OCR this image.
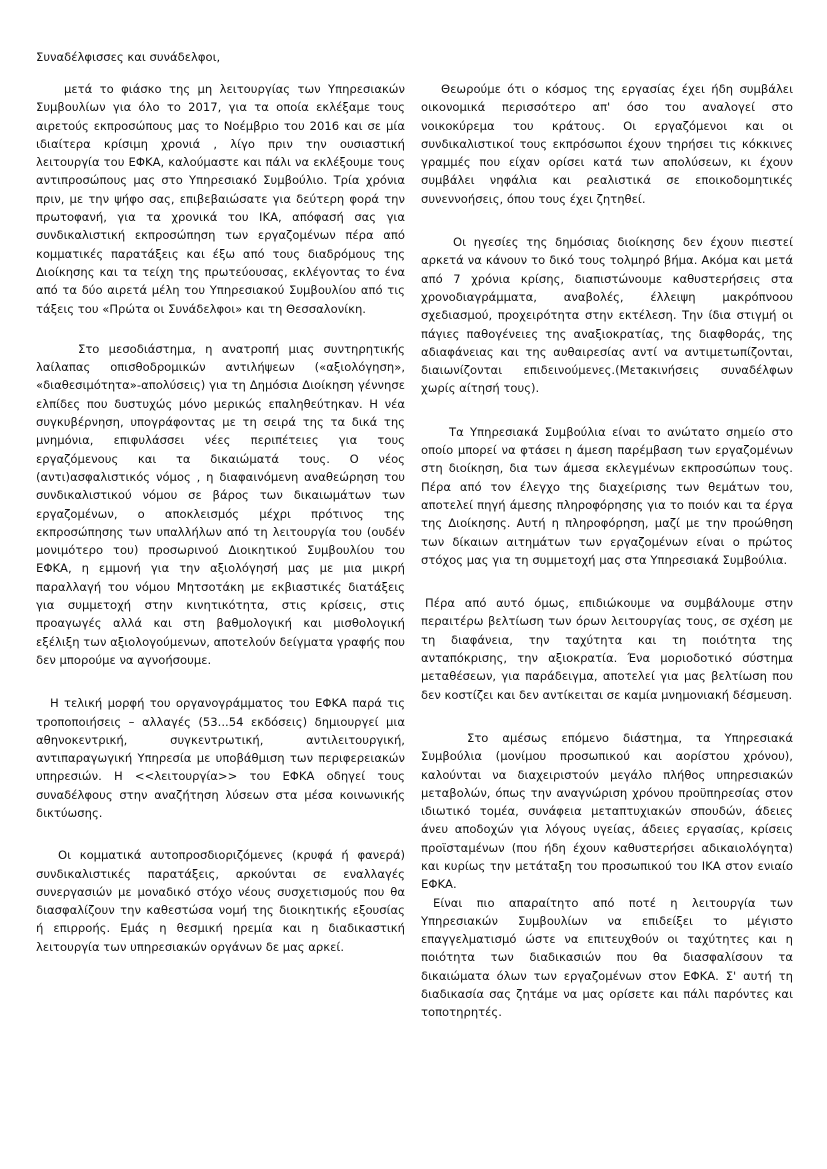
Συναδέλφισσες και συνάδελφοι,

μετά το φιάσκο της μη λειτουργίας των Υπηρεσιακών Συμβουλίων για όλο το 2017, για τα οποία εκλέξαμε τους αιρετούς εκπροσώπους μας το Νοέμβριο του 2016 και σε μία ιδιαίτερα κρίσιμη χρονιά , λίγο πριν την ουσιαστική λειτουργία του ΕΦΚΑ, καλούμαστε και πάλι να εκλέξουμε τους αντιπροσώπους μας στο Υπηρεσιακό Συμβούλιο. Τρία χρόνια πριν, με την ψήφο σας, επιβεβαιώσατε για δεύτερη φορά την πρωτοφανή, για τα χρονικά του ΙΚΑ, απόφασή σας για συνδικαλιστική εκπροσώπηση των εργαζομένων πέρα από κομματικές παρατάξεις και έξω από τους διαδρόμους της Διοίκησης και τα τείχη της πρωτεύουσας, εκλέγοντας το ένα από τα δύο αιρετά μέλη του Υπηρεσιακού Συμβουλίου από τις τάξεις του «Πρώτα οι Συνάδελφοι» και τη Θεσσαλονίκη.

Στο μεσοδιάστημα, η ανατροπή μιας συντηρητικής λαίλαπας οπισθοδρομικών αντιλήψεων («αξιολόγηση», «διαθεσιμότητα»-απολύσεις) για τη Δημόσια Διοίκηση γέννησε ελπίδες που δυστυχώς μόνο μερικώς επαληθεύτηκαν. Η νέα συγκυβέρνηση, υπογράφοντας με τη σειρά της τα δικά της μνημόνια, επιφυλάσσει νέες περιπέτειες για τους εργαζόμενους και τα δικαιώματά τους. Ο νέος (αντι)ασφαλιστικός νόμος , η διαφαινόμενη αναθεώρηση του συνδικαλιστικού νόμου σε βάρος των δικαιωμάτων των εργαζομένων, ο αποκλεισμός μέχρι πρότινος της εκπροσώπησης των υπαλλήλων από τη λειτουργία του (ουδέν μονιμότερο του) προσωρινού Διοικητικού Συμβουλίου του ΕΦΚΑ, η εμμονή για την αξιολόγησή μας με μια μικρή παραλλαγή του νόμου Μητσοτάκη με εκβιαστικές διατάξεις για συμμετοχή στην κινητικότητα, στις κρίσεις, στις προαγωγές αλλά και στη βαθμολογική και μισθολογική εξέλιξη των αξιολογούμενων, αποτελούν δείγματα γραφής που δεν μπορούμε να αγνοήσουμε.

Η τελική μορφή του οργανογράμματος του ΕΦΚΑ παρά τις τροποποιήσεις – αλλαγές (53...54 εκδόσεις) δημιουργεί μια αθηνοκεντρική, συγκεντρωτική, αντιλειτουργική, αντιπαραγωγική Υπηρεσία με υποβάθμιση των περιφερειακών υπηρεσιών. Η <<λειτουργία>> του ΕΦΚΑ οδηγεί τους συναδέλφους στην αναζήτηση λύσεων στα μέσα κοινωνικής δικτύωσης.

Οι κομματικά αυτοπροσδιοριζόμενες (κρυφά ή φανερά) συνδικαλιστικές παρατάξεις, αρκούνται σε εναλλαγές συνεργασιών με μοναδικό στόχο νέους συσχετισμούς που θα διασφαλίζουν την καθεστώσα νομή της διοικητικής εξουσίας ή επιρροής. Εμάς η θεσμική ηρεμία και η διαδικαστική λειτουργία των υπηρεσιακών οργάνων δε μας αρκεί.

Θεωρούμε ότι ο κόσμος της εργασίας έχει ήδη συμβάλει οικονομικά περισσότερο απ' όσο του αναλογεί στο νοικοκύρεμα του κράτους. Οι εργαζόμενοι και οι συνδικαλιστικοί τους εκπρόσωποι έχουν τηρήσει τις κόκκινες γραμμές που είχαν ορίσει κατά των απολύσεων, κι έχουν συμβάλει νηφάλια και ρεαλιστικά σε εποικοδομητικές συνεννοήσεις, όπου τους έχει ζητηθεί.

Οι ηγεσίες της δημόσιας διοίκησης δεν έχουν πιεστεί αρκετά να κάνουν το δικό τους τολμηρό βήμα. Ακόμα και μετά από 7 χρόνια κρίσης, διαπιστώνουμε καθυστερήσεις στα χρονοδιαγράμματα, αναβολές, έλλειψη μακρόπνοου σχεδιασμού, προχειρότητα στην εκτέλεση. Την ίδια στιγμή οι πάγιες παθογένειες της αναξιοκρατίας, της διαφθοράς, της αδιαφάνειας και της αυθαιρεσίας αντί να αντιμετωπίζονται, διαιωνίζονται επιδεινούμενες.(Μετακινήσεις συναδέλφων χωρίς αίτησή τους).

Τα Υπηρεσιακά Συμβούλια είναι το ανώτατο σημείο στο οποίο μπορεί να φτάσει η άμεση παρέμβαση των εργαζομένων στη διοίκηση, δια των άμεσα εκλεγμένων εκπροσώπων τους. Πέρα από τον έλεγχο της διαχείρισης των θεμάτων του, αποτελεί πηγή άμεσης πληροφόρησης για το ποιόν και τα έργα της Διοίκησης. Αυτή η πληροφόρηση, μαζί με την προώθηση των δίκαιων αιτημάτων των εργαζομένων είναι ο πρώτος στόχος μας για τη συμμετοχή μας στα Υπηρεσιακά Συμβούλια.

Πέρα από αυτό όμως, επιδιώκουμε να συμβάλουμε στην περαιτέρω βελτίωση των όρων λειτουργίας τους, σε σχέση με τη διαφάνεια, την ταχύτητα και τη ποιότητα της ανταπόκρισης, την αξιοκρατία. Ένα μοριοδοτικό σύστημα μεταθέσεων, για παράδειγμα, αποτελεί για μας βελτίωση που δεν κοστίζει και δεν αντίκειται σε καμία μνημονιακή δέσμευση.

Στο αμέσως επόμενο διάστημα, τα Υπηρεσιακά Συμβούλια (μονίμου προσωπικού και αορίστου χρόνου), καλούνται να διαχειριστούν μεγάλο πλήθος υπηρεσιακών μεταβολών, όπως την αναγνώριση χρόνου προϋπηρεσίας στον ιδιωτικό τομέα, συνάφεια μεταπτυχιακών σπουδών, άδειες άνευ αποδοχών για λόγους υγείας, άδειες εργασίας, κρίσεις προϊσταμένων (που ήδη έχουν καθυστερήσει αδικαιολόγητα) και κυρίως την μετάταξη του προσωπικού του ΙΚΑ στον ενιαίο ΕΦΚΑ.

Είναι πιο απαραίτητο από ποτέ η λειτουργία των Υπηρεσιακών Συμβουλίων να επιδείξει το μέγιστο επαγγελματισμό ώστε να επιτευχθούν οι ταχύτητες και η ποιότητα των διαδικασιών που θα διασφαλίσουν τα δικαιώματα όλων των εργαζομένων στον ΕΦΚΑ. Σ' αυτή τη διαδικασία σας ζητάμε να μας ορίσετε και πάλι παρόντες και τοποτηρητές.
